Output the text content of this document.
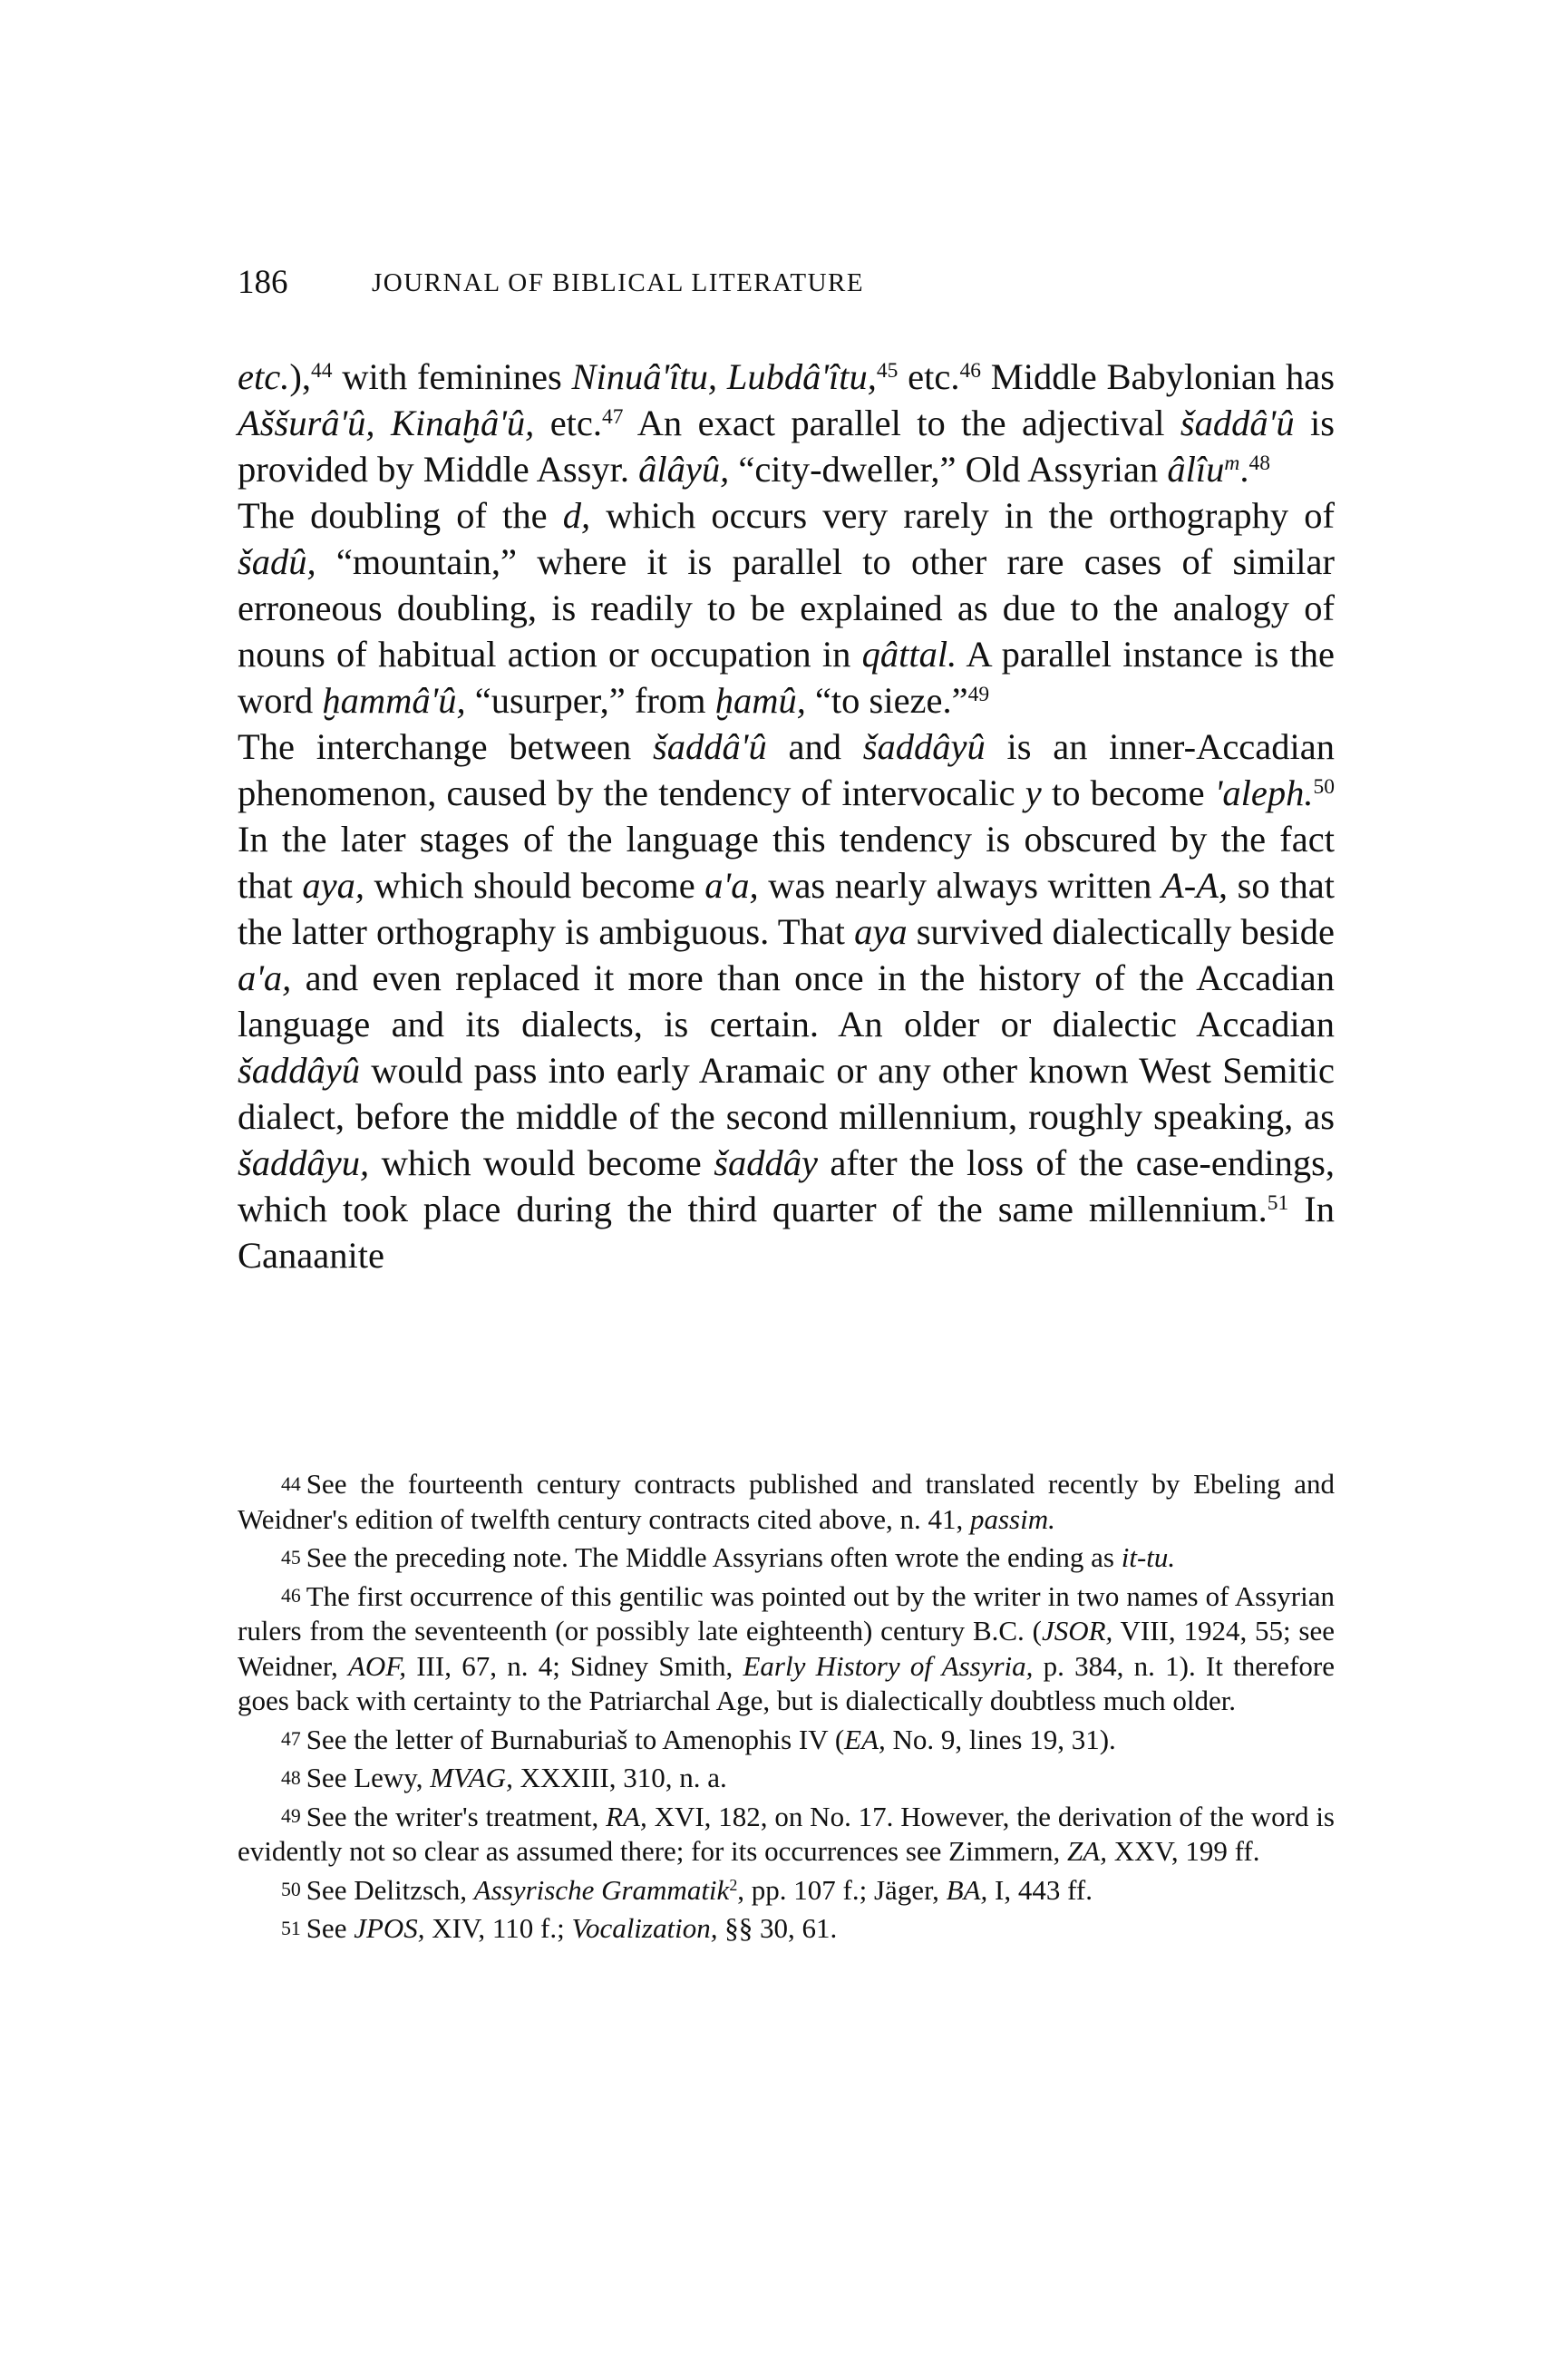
186	JOURNAL OF BIBLICAL LITERATURE

etc.),$^{44}$ with feminines Ninuâ'îtu, Lubdâ'îtu,$^{45}$ etc.$^{46}$ Middle Babylonian has Aššurâ'û, Kinaḫâ'û, etc.$^{47}$ An exact parallel to the adjectival šaddâ'û is provided by Middle Assyr. âlâyû, “city-dweller,” Old Assyrian âlîu$^m$.$^{48}$

The doubling of the d, which occurs very rarely in the orthography of šadû, “mountain,” where it is parallel to other rare cases of similar erroneous doubling, is readily to be explained as due to the analogy of nouns of habitual action or occupation in qâttal. A parallel instance is the word ḫammâ'û, “usurper,” from ḫamû, “to sieze.”$^{49}$

The interchange between šaddâ'û and šaddâyû is an inner-Accadian phenomenon, caused by the tendency of intervocalic y to become 'aleph.$^{50}$ In the later stages of the language this tendency is obscured by the fact that aya, which should become a'a, was nearly always written A-A, so that the latter orthography is ambiguous. That aya survived dialectically beside a'a, and even replaced it more than once in the history of the Accadian language and its dialects, is certain. An older or dialectic Accadian šaddâyû would pass into early Aramaic or any other known West Semitic dialect, before the middle of the second millennium, roughly speaking, as šaddâyu, which would become šaddây after the loss of the case-endings, which took place during the third quarter of the same millennium.$^{51}$ In Canaanite

44 See the fourteenth century contracts published and translated recently by Ebeling and Weidner's edition of twelfth century contracts cited above, n. 41, passim.

45 See the preceding note. The Middle Assyrians often wrote the ending as it-tu.

46 The first occurrence of this gentilic was pointed out by the writer in two names of Assyrian rulers from the seventeenth (or possibly late eighteenth) century B.C. (JSOR, VIII, 1924, 55; see Weidner, AOF, III, 67, n. 4; Sidney Smith, Early History of Assyria, p. 384, n. 1). It therefore goes back with certainty to the Patriarchal Age, but is dialectically doubtless much older.

47 See the letter of Burnaburiaš to Amenophis IV (EA, No. 9, lines 19, 31).

48 See Lewy, MVAG, XXXIII, 310, n. a.

49 See the writer's treatment, RA, XVI, 182, on No. 17. However, the derivation of the word is evidently not so clear as assumed there; for its occurrences see Zimmern, ZA, XXV, 199 ff.

50 See Delitzsch, Assyrische Grammatik$^2$, pp. 107 f.; Jäger, BA, I, 443 ff.

51 See JPOS, XIV, 110 f.; Vocalization, §§ 30, 61.
